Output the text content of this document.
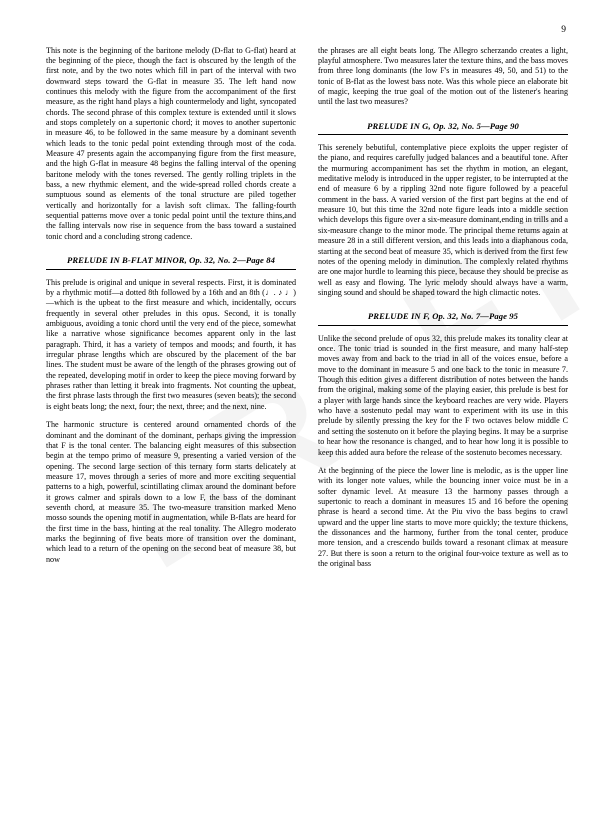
9

This note is the beginning of the baritone melody (D-flat to G-flat) heard at the beginning of the piece, though the fact is obscured by the length of the first note, and by the two notes which fill in part of the interval with two downward steps toward the G-flat in measure 35. The left hand now continues this melody with the figure from the accompaniment of the first measure, as the right hand plays a high countermelody and light, syncopated chords. The second phrase of this complex texture is extended until it slows and stops completely on a supertonic chord; it moves to another supertonic in measure 46, to be followed in the same measure by a dominant seventh which leads to the tonic pedal point extending through most of the coda. Measure 47 presents again the accompanying figure from the first measure, and the high G-flat in measure 48 begins the falling interval of the opening baritone melody with the tones reversed. The gently rolling triplets in the bass, a new rhythmic element, and the wide-spread rolled chords create a sumptuous sound as elements of the tonal structure are piled together vertically and horizontally for a lavish soft climax. The falling-fourth sequential patterns move over a tonic pedal point until the texture thins,and the falling intervals now rise in sequence from the bass toward a sustained tonic chord and a concluding strong cadence.

PRELUDE IN B-FLAT MINOR, Op. 32, No. 2—Page 84

This prelude is original and unique in several respects. First, it is dominated by a rhythmic motif—a dotted 8th followed by a 16th and an 8th (♩. ♪ ♩)—which is the upbeat to the first measure and which, incidentally, occurs frequently in several other preludes in this opus. Second, it is tonally ambiguous, avoiding a tonic chord until the very end of the piece, somewhat like a narrative whose significance becomes apparent only in the last paragraph. Third, it has a variety of tempos and moods; and fourth, it has irregular phrase lengths which are obscured by the placement of the bar lines. The student must be aware of the length of the phrases growing out of the repeated, developing motif in order to keep the piece moving forward by phrases rather than letting it break into fragments. Not counting the upbeat, the first phrase lasts through the first two measures (seven beats); the second is eight beats long; the next, four; the next, three; and the next, nine.

The harmonic structure is centered around ornamented chords of the dominant and the dominant of the dominant, perhaps giving the impression that F is the tonal center. The balancing eight measures of this subsection begin at the tempo primo of measure 9, presenting a varied version of the opening. The second large section of this ternary form starts delicately at measure 17, moves through a series of more and more exciting sequential patterns to a high, powerful, scintillating climax around the dominant before it grows calmer and spirals down to a low F, the bass of the dominant seventh chord, at measure 35. The two-measure transition marked Meno mosso sounds the opening motif in augmentation, while B-flats are heard for the first time in the bass, hinting at the real tonality. The Allegro moderato marks the beginning of five beats more of transition over the dominant, which lead to a return of the opening on the second beat of measure 38, but now

the phrases are all eight beats long. The Allegro scherzando creates a light, playful atmosphere. Two measures later the texture thins, and the bass moves from three long dominants (the low F's in measures 49, 50, and 51) to the tonic of B-flat as the lowest bass note. Was this whole piece an elaborate bit of magic, keeping the true goal of the motion out of the listener's hearing until the last two measures?

PRELUDE IN G, Op. 32, No. 5—Page 90

This serenely bebutiful, contemplative piece exploits the upper register of the piano, and requires carefully judged balances and a beautiful tone. After the murmuring accompaniment has set the rhythm in motion, an elegant, meditative melody is introduced in the upper register, to be interrupted at the end of measure 6 by a rippling 32nd note figure followed by a peaceful comment in the bass. A varied version of the first part begins at the end of measure 10, but this time the 32nd note figure leads into a middle section which develops this figure over a six-measure dominant,ending in trills and a six-measure change to the minor mode. The principal theme returns again at measure 28 in a still different version, and this leads into a diaphanous coda, starting at the second beat of measure 35, which is derived from the first few notes of the opening melody in diminution. The complexly related rhythms are one major hurdle to learning this piece, because they should be precise as well as easy and flowing. The lyric melody should always have a warm, singing sound and should be shaped toward the high climactic notes.

PRELUDE IN F, Op. 32, No. 7—Page 95

Unlike the second prelude of opus 32, this prelude makes its tonality clear at once. The tonic triad is sounded in the first measure, and many half-step moves away from and back to the triad in all of the voices ensue, before a move to the dominant in measure 5 and one back to the tonic in measure 7. Though this edition gives a different distribution of notes between the hands from the original, making some of the playing easier, this prelude is best for a player with large hands since the keyboard reaches are very wide. Players who have a sostenuto pedal may want to experiment with its use in this prelude by silently pressing the key for the F two octaves below middle C and setting the sostenuto on it before the playing begins. It may be a surprise to hear how the resonance is changed, and to hear how long it is possible to keep this added aura before the release of the sostenuto becomes necessary.

At the beginning of the piece the lower line is melodic, as is the upper line with its longer note values, while the bouncing inner voice must be in a softer dynamic level. At measure 13 the harmony passes through a supertonic to reach a dominant in measures 15 and 16 before the opening phrase is heard a second time. At the Piu vivo the bass begins to crawl upward and the upper line starts to move more quickly; the texture thickens, the dissonances and the harmony, further from the tonal center, produce more tension, and a crescendo builds toward a resonant climax at measure 27. But there is soon a return to the original four-voice texture as well as to the original bass
